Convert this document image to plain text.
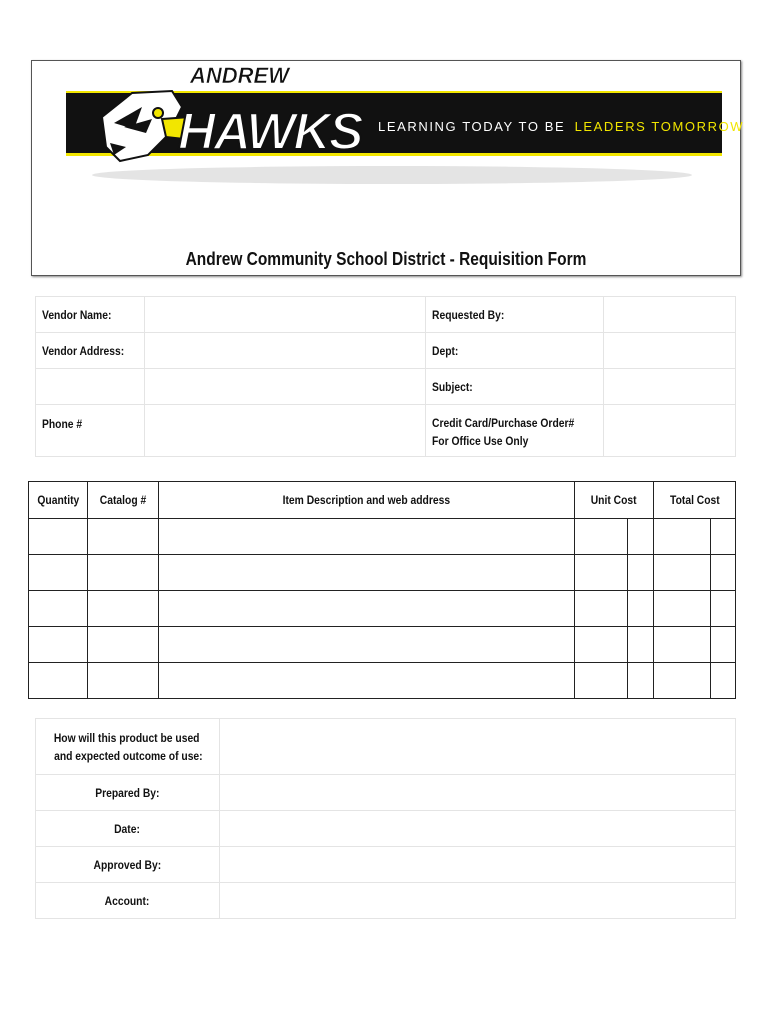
Andrew Community School District - Requisition Form
ANDREW
HAWKS LEARNING TODAY TO BE LEADERS TOMORROW
Vendor Name:		Requested By:	
Vendor Address:		Dept:	
		Subject:	
Phone #		Credit Card/Purchase Order#
For Office Use Only	
Quantity	Catalog #	Item Description and web address	Unit Cost		Total Cost	

How will this product be used
and expected outcome of use:	
Prepared By:	
Date:	
Approved By:	
Account:	
